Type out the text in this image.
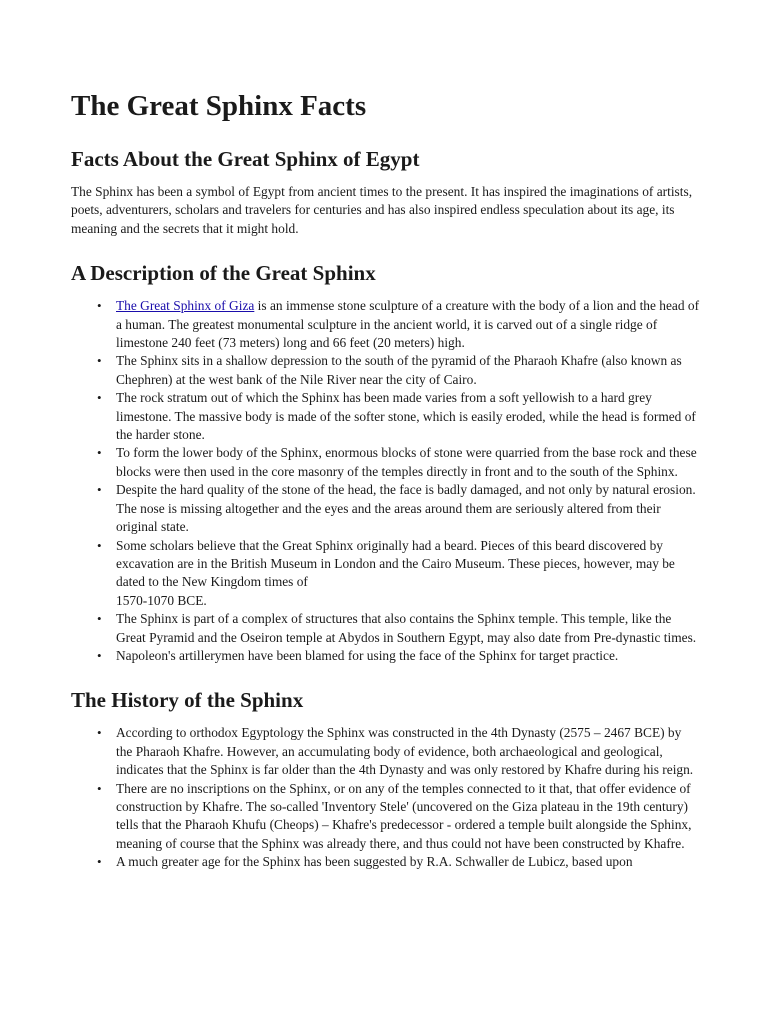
The Great Sphinx Facts
Facts About the Great Sphinx of Egypt

The Sphinx has been a symbol of Egypt from ancient times to the present. It has inspired the imaginations of artists, poets, adventurers, scholars and travelers for centuries and has also inspired endless speculation about its age, its meaning and the secrets that it might hold.

A Description of the Great Sphinx
• The Great Sphinx of Giza is an immense stone sculpture of a creature with the body of a lion and the head of a human. The greatest monumental sculpture in the ancient world, it is carved out of a single ridge of limestone 240 feet (73 meters) long and 66 feet (20 meters) high.
• The Sphinx sits in a shallow depression to the south of the pyramid of the Pharaoh Khafre (also known as Chephren) at the west bank of the Nile River near the city of Cairo.
• The rock stratum out of which the Sphinx has been made varies from a soft yellowish to a hard grey limestone. The massive body is made of the softer stone, which is easily eroded, while the head is formed of the harder stone.
• To form the lower body of the Sphinx, enormous blocks of stone were quarried from the base rock and these blocks were then used in the core masonry of the temples directly in front and to the south of the Sphinx.
• Despite the hard quality of the stone of the head, the face is badly damaged, and not only by natural erosion. The nose is missing altogether and the eyes and the areas around them are seriously altered from their original state.
• Some scholars believe that the Great Sphinx originally had a beard. Pieces of this beard discovered by excavation are in the British Museum in London and the Cairo Museum. These pieces, however, may be dated to the New Kingdom times of
1570-1070 BCE.
• The Sphinx is part of a complex of structures that also contains the Sphinx temple. This temple, like the Great Pyramid and the Oseiron temple at Abydos in Southern Egypt, may also date from Pre-dynastic times.
• Napoleon's artillerymen have been blamed for using the face of the Sphinx for target practice.
The History of the Sphinx
• According to orthodox Egyptology the Sphinx was constructed in the 4th Dynasty (2575 – 2467 BCE) by the Pharaoh Khafre. However, an accumulating body of evidence, both archaeological and geological, indicates that the Sphinx is far older than the 4th Dynasty and was only restored by Khafre during his reign.
• There are no inscriptions on the Sphinx, or on any of the temples connected to it that, that offer evidence of construction by Khafre. The so-called 'Inventory Stele' (uncovered on the Giza plateau in the 19th century) tells that the Pharaoh Khufu (Cheops) – Khafre's predecessor - ordered a temple built alongside the Sphinx, meaning of course that the Sphinx was already there, and thus could not have been constructed by Khafre.
• A much greater age for the Sphinx has been suggested by R.A. Schwaller de Lubicz, based upon
